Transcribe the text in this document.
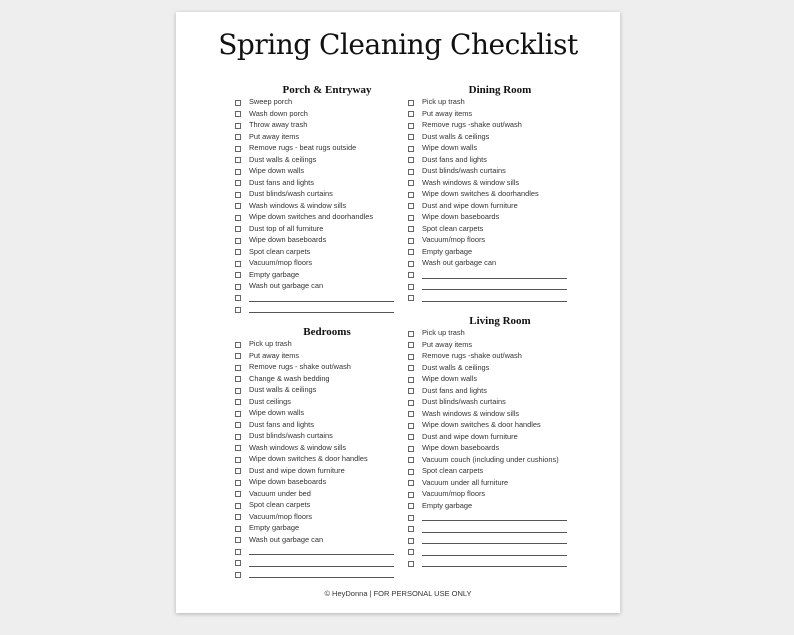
Spring Cleaning Checklist
Porch & Entryway
Sweep porch
Wash down porch
Throw away trash
Put away items
Remove rugs - beat rugs outside
Dust walls & ceilings
Wipe down walls
Dust fans and lights
Dust blinds/wash curtains
Wash windows & window sills
Wipe down switches and doorhandles
Dust top of all furniture
Wipe down baseboards
Spot clean carpets
Vacuum/mop floors
Empty garbage
Wash out garbage can
Dining Room
Pick up trash
Put away items
Remove rugs -shake out/wash
Dust walls & ceilings
Wipe down walls
Dust fans and lights
Dust blinds/wash curtains
Wash windows & window sills
Wipe down switches & doorhandles
Dust and wipe down furniture
Wipe down baseboards
Spot clean carpets
Vacuum/mop floors
Empty garbage
Wash out garbage can
Bedrooms
Pick up trash
Put away items
Remove rugs - shake out/wash
Change & wash bedding
Dust walls & ceilings
Dust ceilings
Wipe down walls
Dust fans and lights
Dust blinds/wash curtains
Wash windows & window sills
Wipe down switches & door handles
Dust and wipe down furniture
Wipe down baseboards
Vacuum under bed
Spot clean carpets
Vacuum/mop floors
Empty garbage
Wash out garbage can
Living Room
Pick up trash
Put away items
Remove rugs -shake out/wash
Dust walls & ceilings
Wipe down walls
Dust fans and lights
Dust blinds/wash curtains
Wash windows & window sills
Wipe down switches & door handles
Dust and wipe down furniture
Wipe down baseboards
Vacuum couch (including under cushions)
Spot clean carpets
Vacuum under all furniture
Vacuum/mop floors
Empty garbage
© HeyDonna | FOR PERSONAL USE ONLY
